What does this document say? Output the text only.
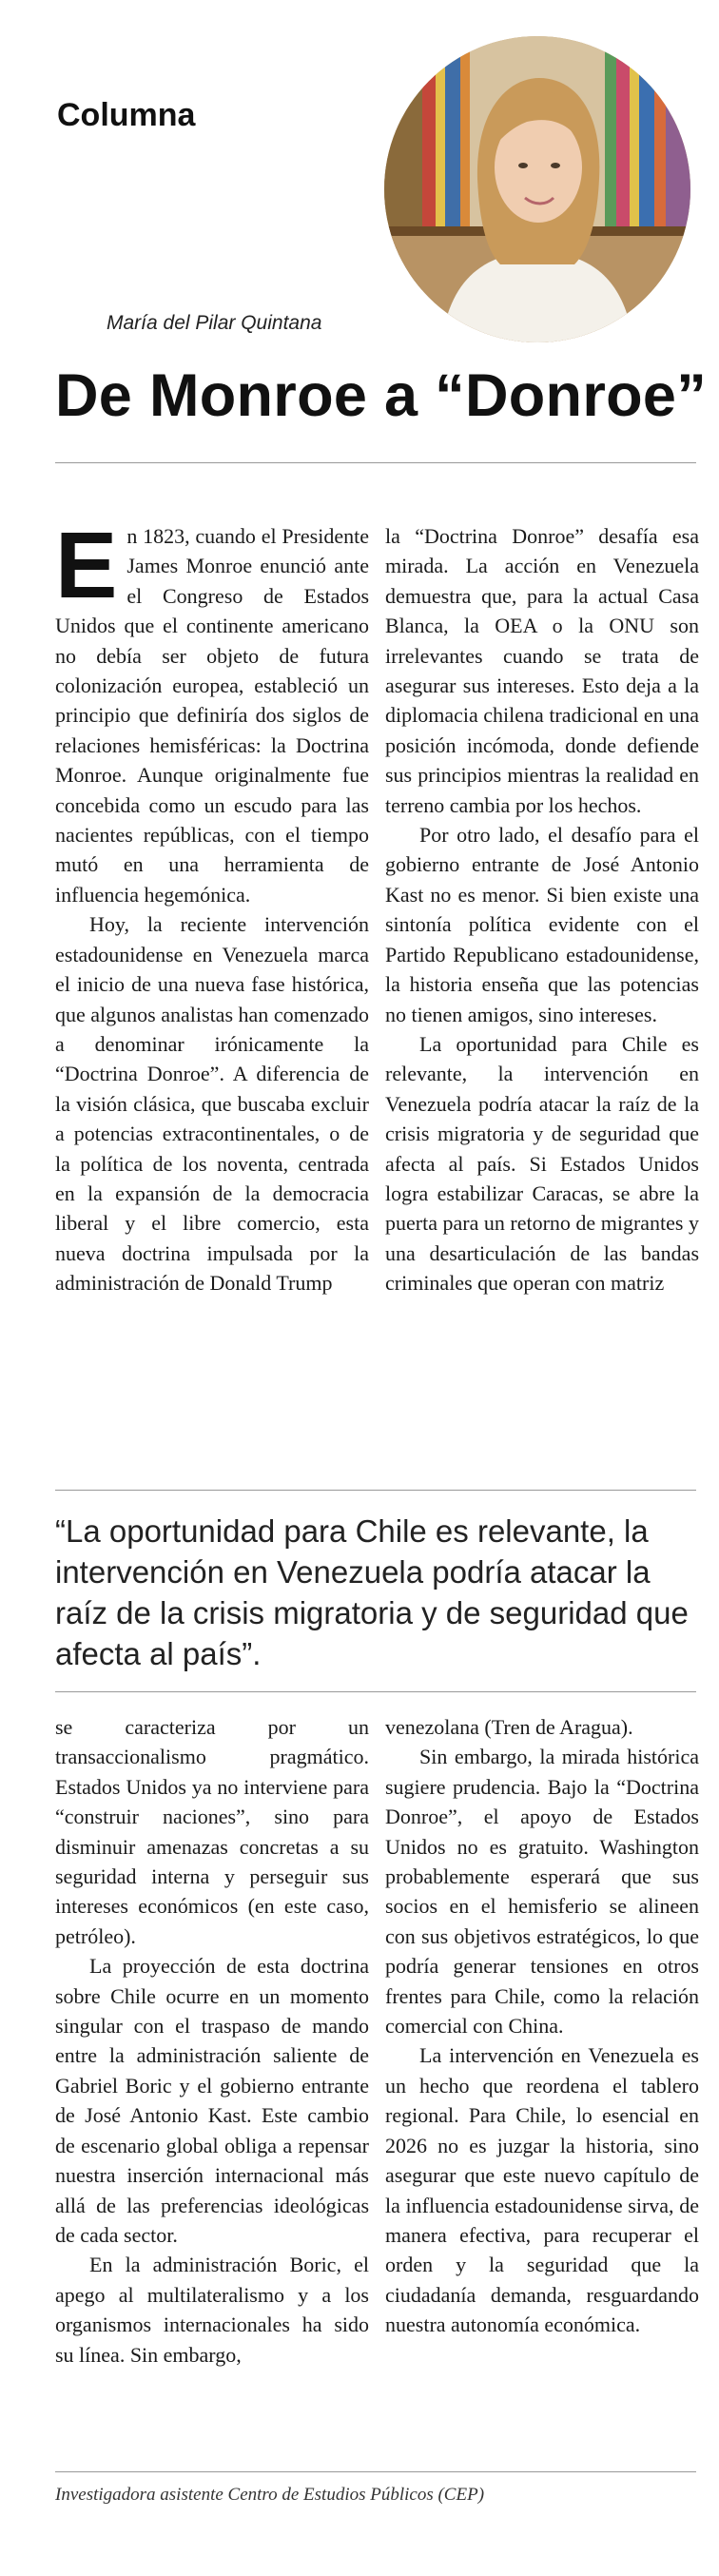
Columna
María del Pilar Quintana
De Monroe a “Donroe”

En 1823, cuando el Presidente James Monroe enunció ante el Congreso de Estados Unidos que el continente americano no debía ser objeto de futura colonización europea, estableció un principio que definiría dos siglos de relaciones hemisféricas: la Doctrina Monroe. Aunque originalmente fue concebida como un escudo para las nacientes repúblicas, con el tiempo mutó en una herramienta de influencia hegemónica.

Hoy, la reciente intervención estadounidense en Venezuela marca el inicio de una nueva fase histórica, que algunos analistas han comenzado a denominar irónicamente la “Doctrina Donroe”. A diferencia de la visión clásica, que buscaba excluir a potencias extracontinentales, o de la política de los noventa, centrada en la expansión de la democracia liberal y el libre comercio, esta nueva doctrina impulsada por la administración de Donald Trump

la “Doctrina Donroe” desafía esa mirada. La acción en Venezuela demuestra que, para la actual Casa Blanca, la OEA o la ONU son irrelevantes cuando se trata de asegurar sus intereses. Esto deja a la diplomacia chilena tradicional en una posición incómoda, donde defiende sus principios mientras la realidad en terreno cambia por los hechos.

Por otro lado, el desafío para el gobierno entrante de José Antonio Kast no es menor. Si bien existe una sintonía política evidente con el Partido Republicano estadounidense, la historia enseña que las potencias no tienen amigos, sino intereses.

La oportunidad para Chile es relevante, la intervención en Venezuela podría atacar la raíz de la crisis migratoria y de seguridad que afecta al país. Si Estados Unidos logra estabilizar Caracas, se abre la puerta para un retorno de migrantes y una desarticulación de las bandas criminales que operan con matriz

“La oportunidad para Chile es relevante, la intervención en Venezuela podría atacar la raíz de la crisis migratoria y de seguridad que afecta al país”.

se caracteriza por un transaccionalismo pragmático. Estados Unidos ya no interviene para “construir naciones”, sino para disminuir amenazas concretas a su seguridad interna y perseguir sus intereses económicos (en este caso, petróleo).

La proyección de esta doctrina sobre Chile ocurre en un momento singular con el traspaso de mando entre la administración saliente de Gabriel Boric y el gobierno entrante de José Antonio Kast. Este cambio de escenario global obliga a repensar nuestra inserción internacional más allá de las preferencias ideológicas de cada sector.

En la administración Boric, el apego al multilateralismo y a los organismos internacionales ha sido su línea. Sin embargo,

venezolana (Tren de Aragua).

Sin embargo, la mirada histórica sugiere prudencia. Bajo la “Doctrina Donroe”, el apoyo de Estados Unidos no es gratuito. Washington probablemente esperará que sus socios en el hemisferio se alineen con sus objetivos estratégicos, lo que podría generar tensiones en otros frentes para Chile, como la relación comercial con China.

La intervención en Venezuela es un hecho que reordena el tablero regional. Para Chile, lo esencial en 2026 no es juzgar la historia, sino asegurar que este nuevo capítulo de la influencia estadounidense sirva, de manera efectiva, para recuperar el orden y la seguridad que la ciudadanía demanda, resguardando nuestra autonomía económica.

Investigadora asistente Centro de Estudios Públicos (CEP)
